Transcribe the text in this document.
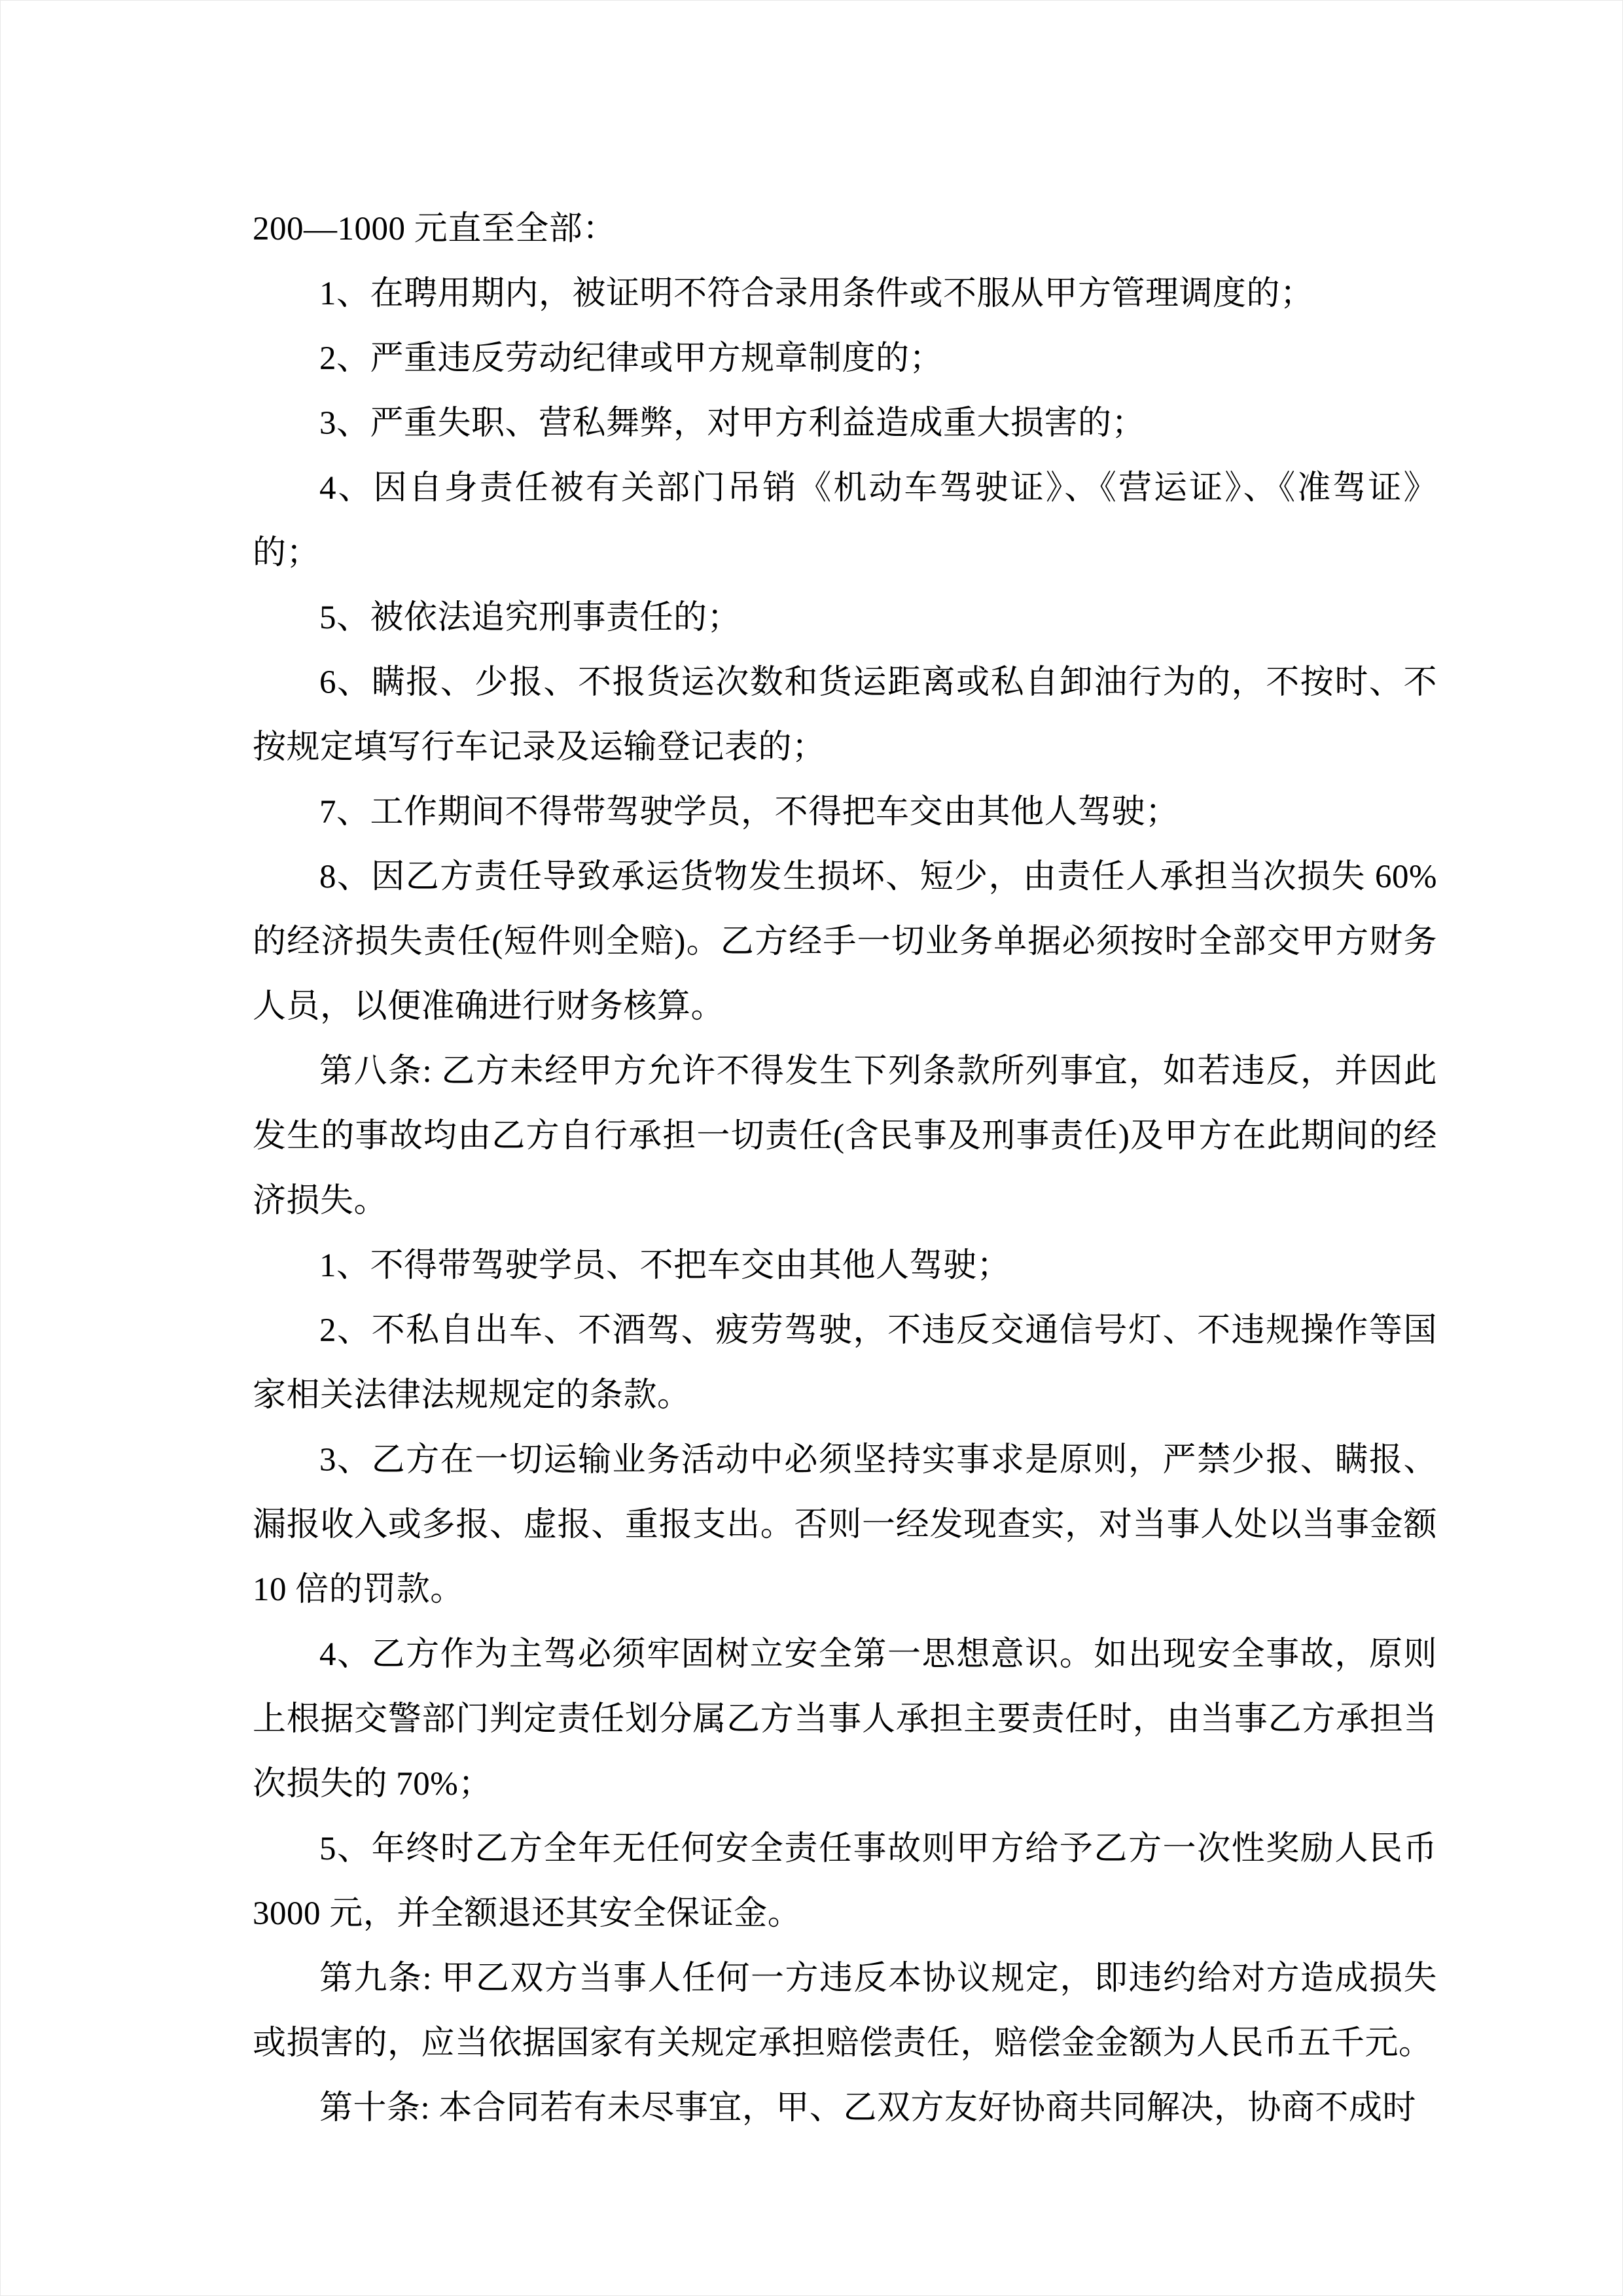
200—1000 元直至全部：

1、在聘用期内，被证明不符合录用条件或不服从甲方管理调度的；

2、严重违反劳动纪律或甲方规章制度的；

3、严重失职、营私舞弊，对甲方利益造成重大损害的；

4、因自身责任被有关部门吊销《机动车驾驶证》、《营运证》、《准驾证》的；

5、被依法追究刑事责任的；

6、瞒报、少报、不报货运次数和货运距离或私自卸油行为的，不按时、不按规定填写行车记录及运输登记表的；

7、工作期间不得带驾驶学员，不得把车交由其他人驾驶；

8、因乙方责任导致承运货物发生损坏、短少，由责任人承担当次损失 60%的经济损失责任(短件则全赔)。乙方经手一切业务单据必须按时全部交甲方财务人员，以便准确进行财务核算。

第八条: 乙方未经甲方允许不得发生下列条款所列事宜，如若违反，并因此发生的事故均由乙方自行承担一切责任(含民事及刑事责任)及甲方在此期间的经济损失。

1、不得带驾驶学员、不把车交由其他人驾驶；

2、不私自出车、不酒驾、疲劳驾驶，不违反交通信号灯、不违规操作等国家相关法律法规规定的条款。

3、乙方在一切运输业务活动中必须坚持实事求是原则，严禁少报、瞒报、漏报收入或多报、虚报、重报支出。否则一经发现查实，对当事人处以当事金额 10 倍的罚款。

4、乙方作为主驾必须牢固树立安全第一思想意识。如出现安全事故，原则上根据交警部门判定责任划分属乙方当事人承担主要责任时，由当事乙方承担当次损失的 70%；

5、年终时乙方全年无任何安全责任事故则甲方给予乙方一次性奖励人民币 3000 元，并全额退还其安全保证金。

第九条: 甲乙双方当事人任何一方违反本协议规定，即违约给对方造成损失或损害的，应当依据国家有关规定承担赔偿责任，赔偿金金额为人民币五千元。

第十条: 本合同若有未尽事宜，甲、乙双方友好协商共同解决，协商不成时
